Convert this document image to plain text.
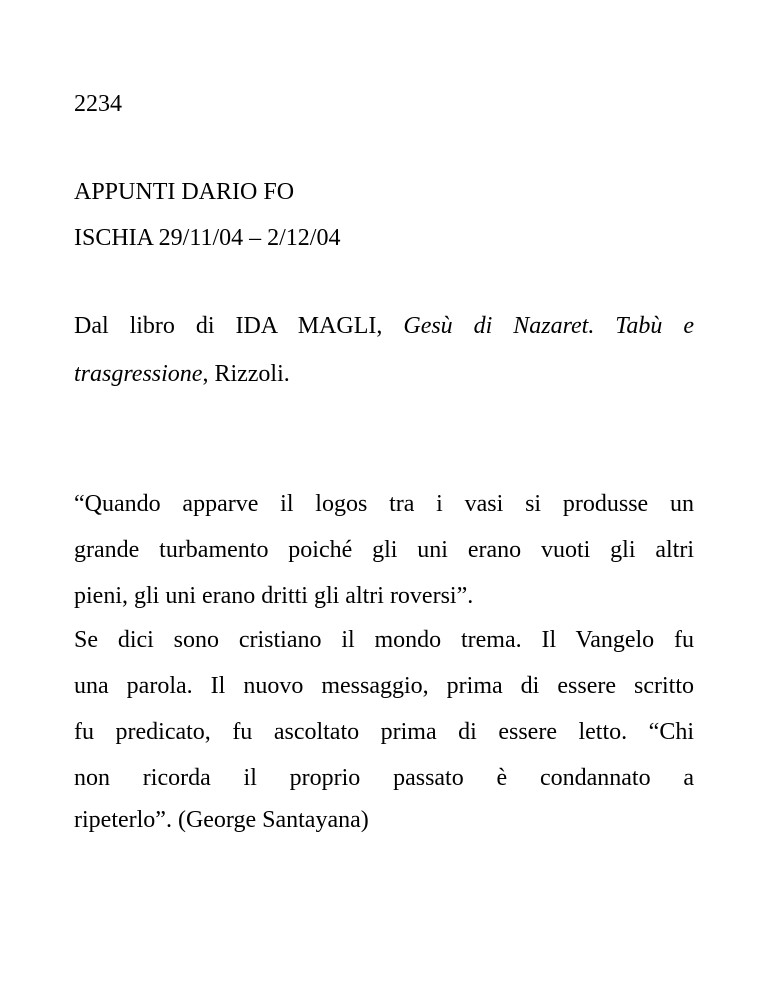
2234

APPUNTI DARIO FO

ISCHIA 29/11/04 – 2/12/04

Dal libro di IDA MAGLI, Gesù di Nazaret. Tabù e

trasgressione, Rizzoli.

“Quando apparve il logos tra i vasi si produsse un
grande turbamento poiché gli uni erano vuoti gli altri

pieni, gli uni erano dritti gli altri roversi”.

Se dici sono cristiano il mondo trema. Il Vangelo fu
una parola. Il nuovo messaggio, prima di essere scritto
fu predicato, fu ascoltato prima di essere letto. “Chi
non ricorda il proprio passato è condannato a

ripeterlo”. (George Santayana)
